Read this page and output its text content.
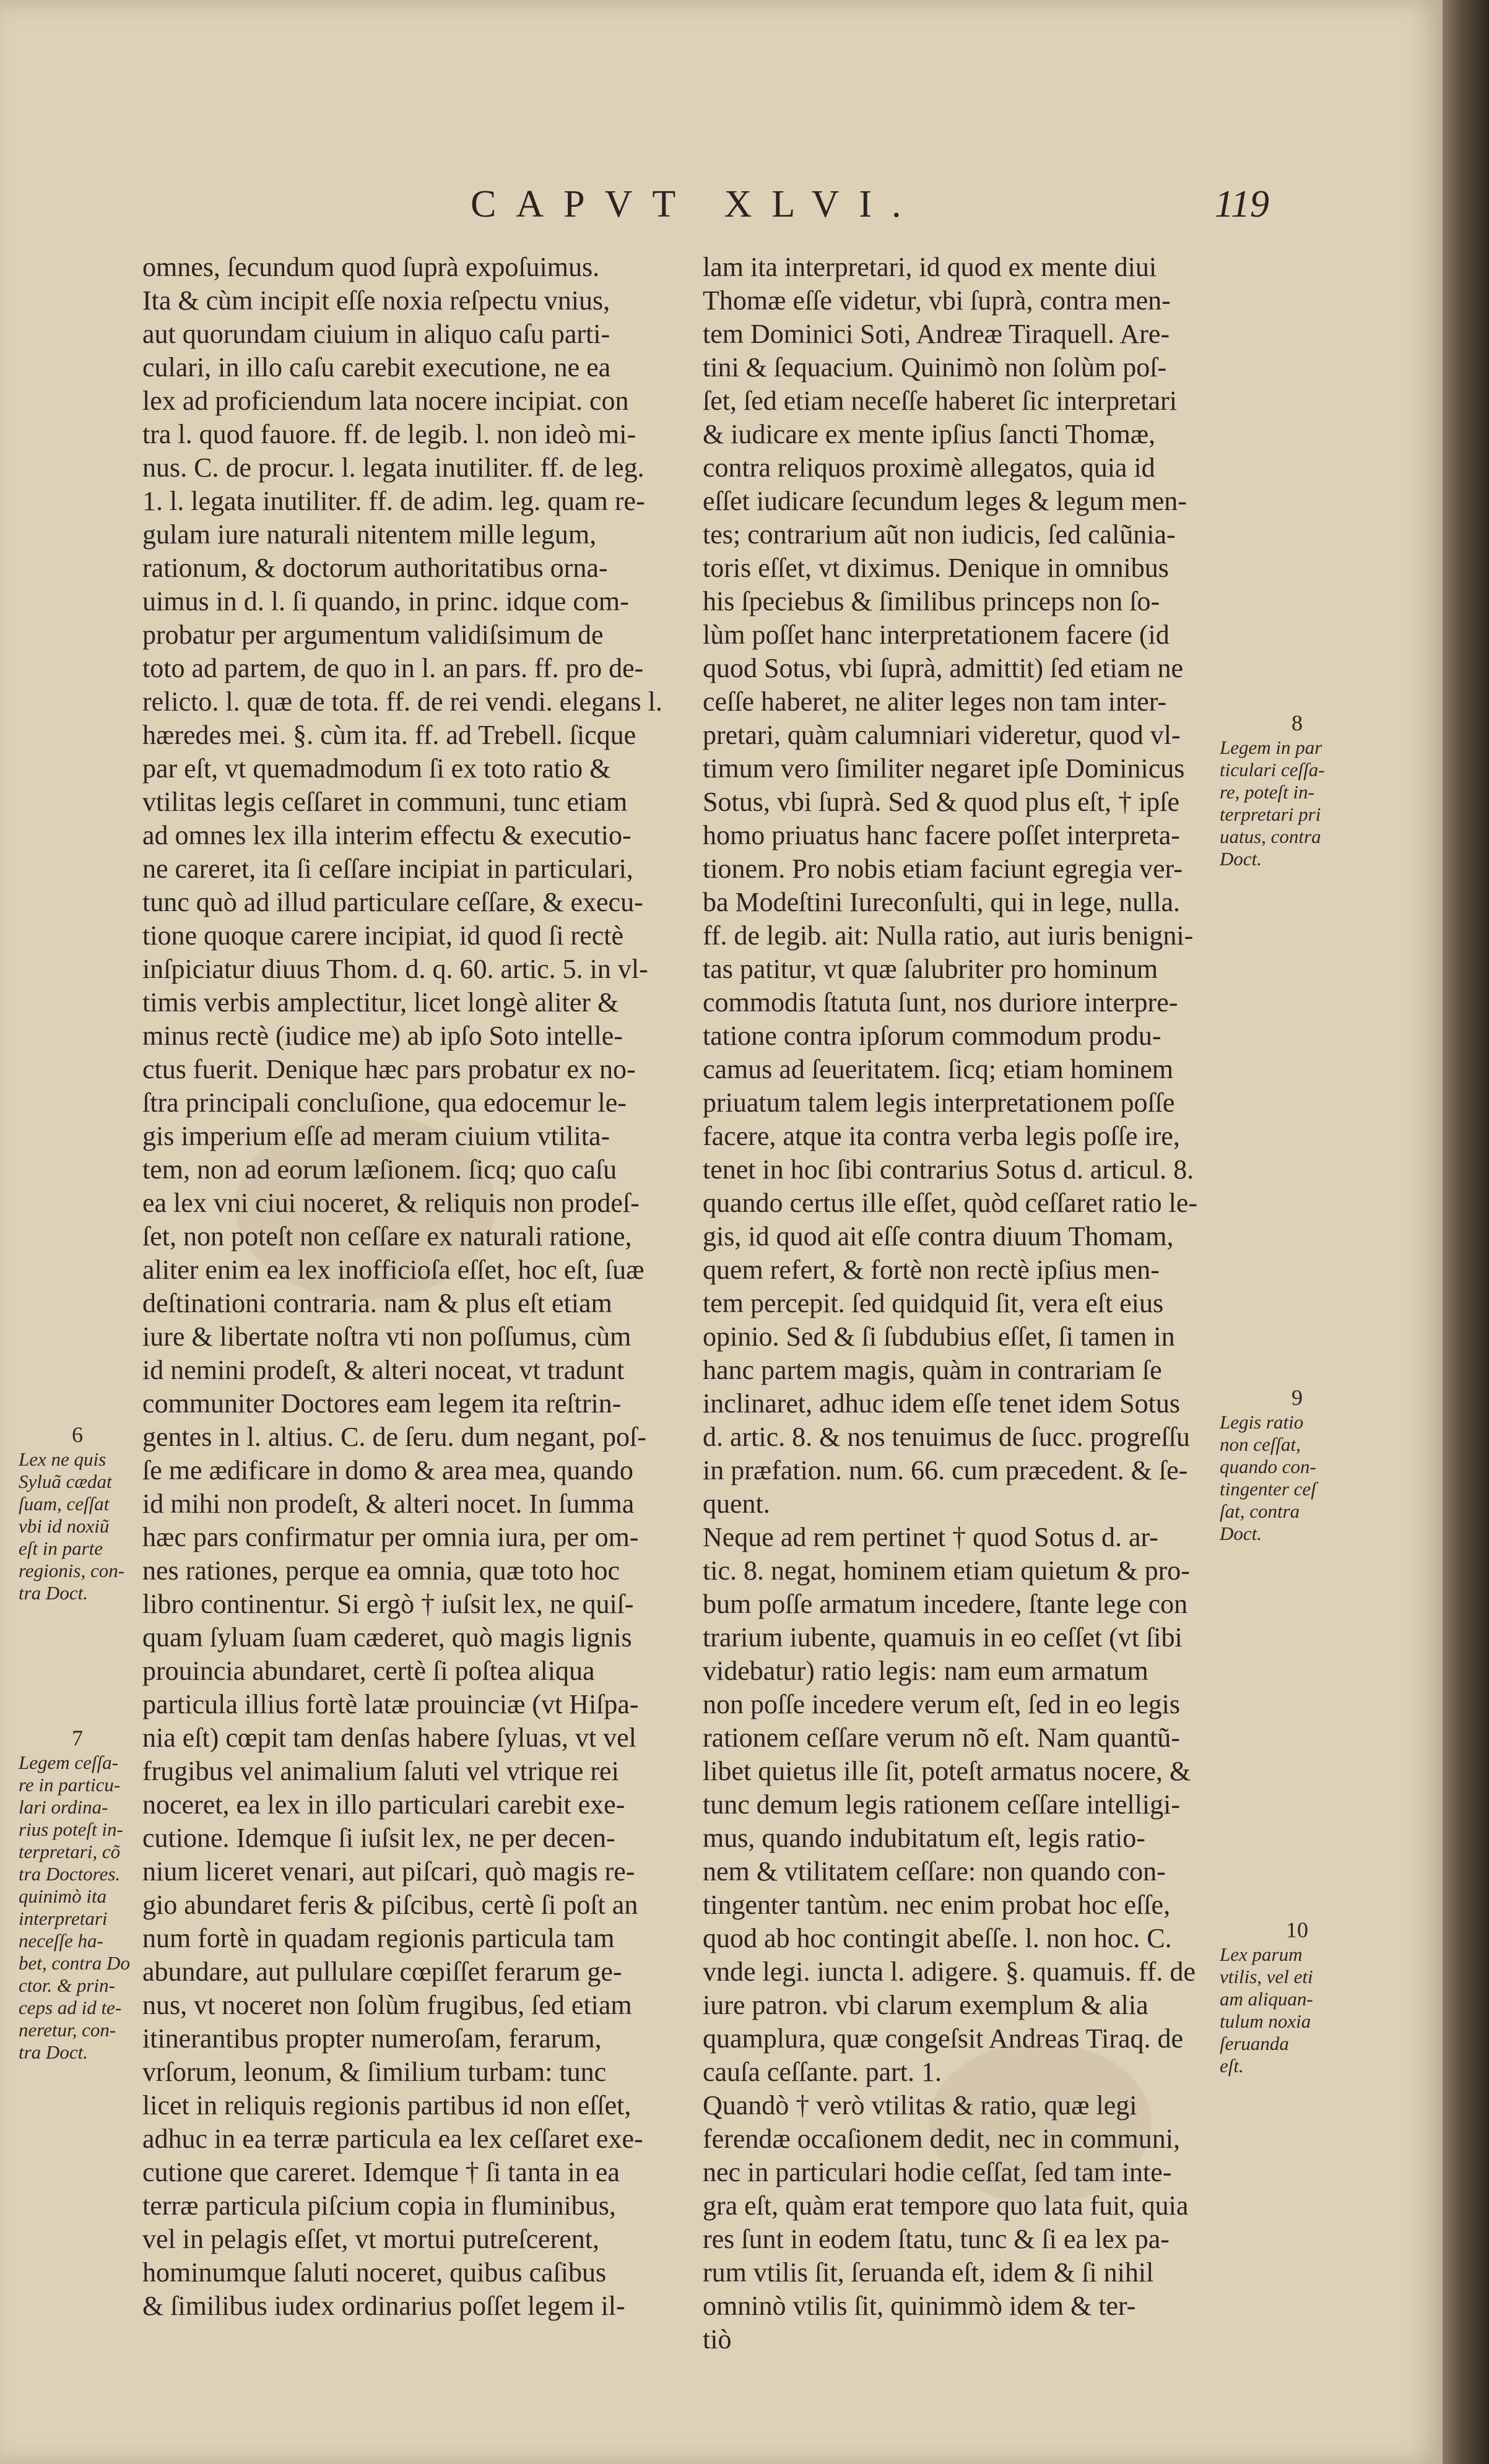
CAPVT XLVI.	119
omnes, ſecundum quod ſuprà expoſuimus.
Ita & cùm incipit eſſe noxia reſpectu vnius,
aut quorundam ciuium in aliquo caſu parti-
culari, in illo caſu carebit executione, ne ea
lex ad proficiendum lata nocere incipiat. con
tra l. quod fauore. ff. de legib. l. non ideò mi-
nus. C. de procur. l. legata inutiliter. ff. de leg.
1. l. legata inutiliter. ff. de adim. leg. quam re-
gulam iure naturali nitentem mille legum,
rationum, & doctorum authoritatibus orna-
uimus in d. l. ſi quando, in princ. idque com-
probatur per argumentum validiſsimum de
toto ad partem, de quo in l. an pars. ff. pro de-
relicto. l. quæ de tota. ff. de rei vendi. elegans l.
hæredes mei. §. cùm ita. ff. ad Trebell. ſicque
par eſt, vt quemadmodum ſi ex toto ratio &
vtilitas legis ceſſaret in communi, tunc etiam
ad omnes lex illa interim effectu & executio-
ne careret, ita ſi ceſſare incipiat in particulari,
tunc quò ad illud particulare ceſſare, & execu-
tione quoque carere incipiat, id quod ſi rectè
inſpiciatur diuus Thom. d. q. 60. artic. 5. in vl-
timis verbis amplectitur, licet longè aliter &
minus rectè (iudice me) ab ipſo Soto intelle-
ctus fuerit. Denique hæc pars probatur ex no-
ſtra principali concluſione, qua edocemur le-
gis imperium eſſe ad meram ciuium vtilita-
tem, non ad eorum læſionem. ſicq; quo caſu
ea lex vni ciui noceret, & reliquis non prodeſ-
ſet, non poteſt non ceſſare ex naturali ratione,
aliter enim ea lex inofficioſa eſſet, hoc eſt, ſuæ
deſtinationi contraria. nam & plus eſt etiam
iure & libertate noſtra vti non poſſumus, cùm
id nemini prodeſt, & alteri noceat, vt tradunt
communiter Doctores eam legem ita reſtrin-
gentes in l. altius. C. de ſeru. dum negant, poſ-
ſe me ædificare in domo & area mea, quando
id mihi non prodeſt, & alteri nocet. In ſumma
hæc pars confirmatur per omnia iura, per om-
nes rationes, perque ea omnia, quæ toto hoc
libro continentur. Si ergò † iuſsit lex, ne quiſ-
quam ſyluam ſuam cæderet, quò magis lignis
prouincia abundaret, certè ſi poſtea aliqua
particula illius fortè latæ prouinciæ (vt Hiſpa-
nia eſt) cœpit tam denſas habere ſyluas, vt vel
frugibus vel animalium ſaluti vel vtrique rei
noceret, ea lex in illo particulari carebit exe-
cutione. Idemque ſi iuſsit lex, ne per decen-
nium liceret venari, aut piſcari, quò magis re-
gio abundaret feris & piſcibus, certè ſi poſt an
num fortè in quadam regionis particula tam
abundare, aut pullulare cœpiſſet ferarum ge-
nus, vt noceret non ſolùm frugibus, ſed etiam
itinerantibus propter numeroſam, ferarum,
vrſorum, leonum, & ſimilium turbam: tunc
licet in reliquis regionis partibus id non eſſet,
adhuc in ea terræ particula ea lex ceſſaret exe-
cutione que careret. Idemque † ſi tanta in ea
terræ particula piſcium copia in fluminibus,
vel in pelagis eſſet, vt mortui putreſcerent,
hominumque ſaluti noceret, quibus caſibus
& ſimilibus iudex ordinarius poſſet legem il-
lam ita interpretari, id quod ex mente diui
Thomæ eſſe videtur, vbi ſuprà, contra men-
tem Dominici Soti, Andreæ Tiraquell. Are-
tini & ſequacium. Quinimò non ſolùm poſ-
ſet, ſed etiam neceſſe haberet ſic interpretari
& iudicare ex mente ipſius ſancti Thomæ,
contra reliquos proximè allegatos, quia id
eſſet iudicare ſecundum leges & legum men-
tes; contrarium aũt non iudicis, ſed calũnia-
toris eſſet, vt diximus. Denique in omnibus
his ſpeciebus & ſimilibus princeps non ſo-
lùm poſſet hanc interpretationem facere (id
quod Sotus, vbi ſuprà, admittit) ſed etiam ne
ceſſe haberet, ne aliter leges non tam inter-
pretari, quàm calumniari videretur, quod vl-
timum vero ſimiliter negaret ipſe Dominicus
Sotus, vbi ſuprà. Sed & quod plus eſt, † ipſe
homo priuatus hanc facere poſſet interpreta-
tionem. Pro nobis etiam faciunt egregia ver-
ba Modeſtini Iureconſulti, qui in lege, nulla.
ff. de legib. ait: Nulla ratio, aut iuris benigni-
tas patitur, vt quæ ſalubriter pro hominum
commodis ſtatuta ſunt, nos duriore interpre-
tatione contra ipſorum commodum produ-
camus ad ſeueritatem. ſicq; etiam hominem
priuatum talem legis interpretationem poſſe
facere, atque ita contra verba legis poſſe ire,
tenet in hoc ſibi contrarius Sotus d. articul. 8.
quando certus ille eſſet, quòd ceſſaret ratio le-
gis, id quod ait eſſe contra diuum Thomam,
quem refert, & fortè non rectè ipſius men-
tem percepit. ſed quidquid ſit, vera eſt eius
opinio. Sed & ſi ſubdubius eſſet, ſi tamen in
hanc partem magis, quàm in contrariam ſe
inclinaret, adhuc idem eſſe tenet idem Sotus
d. artic. 8. & nos tenuimus de ſucc. progreſſu
in præfation. num. 66. cum præcedent. & ſe-
quent.
Neque ad rem pertinet † quod Sotus d. ar-
tic. 8. negat, hominem etiam quietum & pro-
bum poſſe armatum incedere, ſtante lege con
trarium iubente, quamuis in eo ceſſet (vt ſibi
videbatur) ratio legis: nam eum armatum
non poſſe incedere verum eſt, ſed in eo legis
rationem ceſſare verum nõ eſt. Nam quantũ-
libet quietus ille ſit, poteſt armatus nocere, &
tunc demum legis rationem ceſſare intelligi-
mus, quando indubitatum eſt, legis ratio-
nem & vtilitatem ceſſare: non quando con-
tingenter tantùm. nec enim probat hoc eſſe,
quod ab hoc contingit abeſſe. l. non hoc. C.
vnde legi. iuncta l. adigere. §. quamuis. ff. de
iure patron. vbi clarum exemplum & alia
quamplura, quæ congeſsit Andreas Tiraq. de
cauſa ceſſante. part. 1.
Quandò † verò vtilitas & ratio, quæ legi
ferendæ occaſionem dedit, nec in communi,
nec in particulari hodie ceſſat, ſed tam inte-
gra eſt, quàm erat tempore quo lata fuit, quia
res ſunt in eodem ſtatu, tunc & ſi ea lex pa-
rum vtilis ſit, ſeruanda eſt, idem & ſi nihil
omninò vtilis ſit, quinimmò idem & ter-
tiò
6
Lex ne quis
Syluã cædat
ſuam, ceſſat
vbi id noxiũ
eſt in parte
regionis, con-
tra Doct.
7
Legem ceſſa-
re in particu-
lari ordina-
rius poteſt in-
terpretari, cõ
tra Doctores.
quinimò ita
interpretari
neceſſe ha-
bet, contra Do
ctor. & prin-
ceps ad id te-
neretur, con-
tra Doct.
8
Legem in par
ticulari ceſſa-
re, poteſt in-
terpretari pri
uatus, contra
Doct.
9
Legis ratio
non ceſſat,
quando con-
tingenter ceſ
ſat, contra
Doct.
10
Lex parum
vtilis, vel eti
am aliquan-
tulum noxia
ſeruanda
eſt.
